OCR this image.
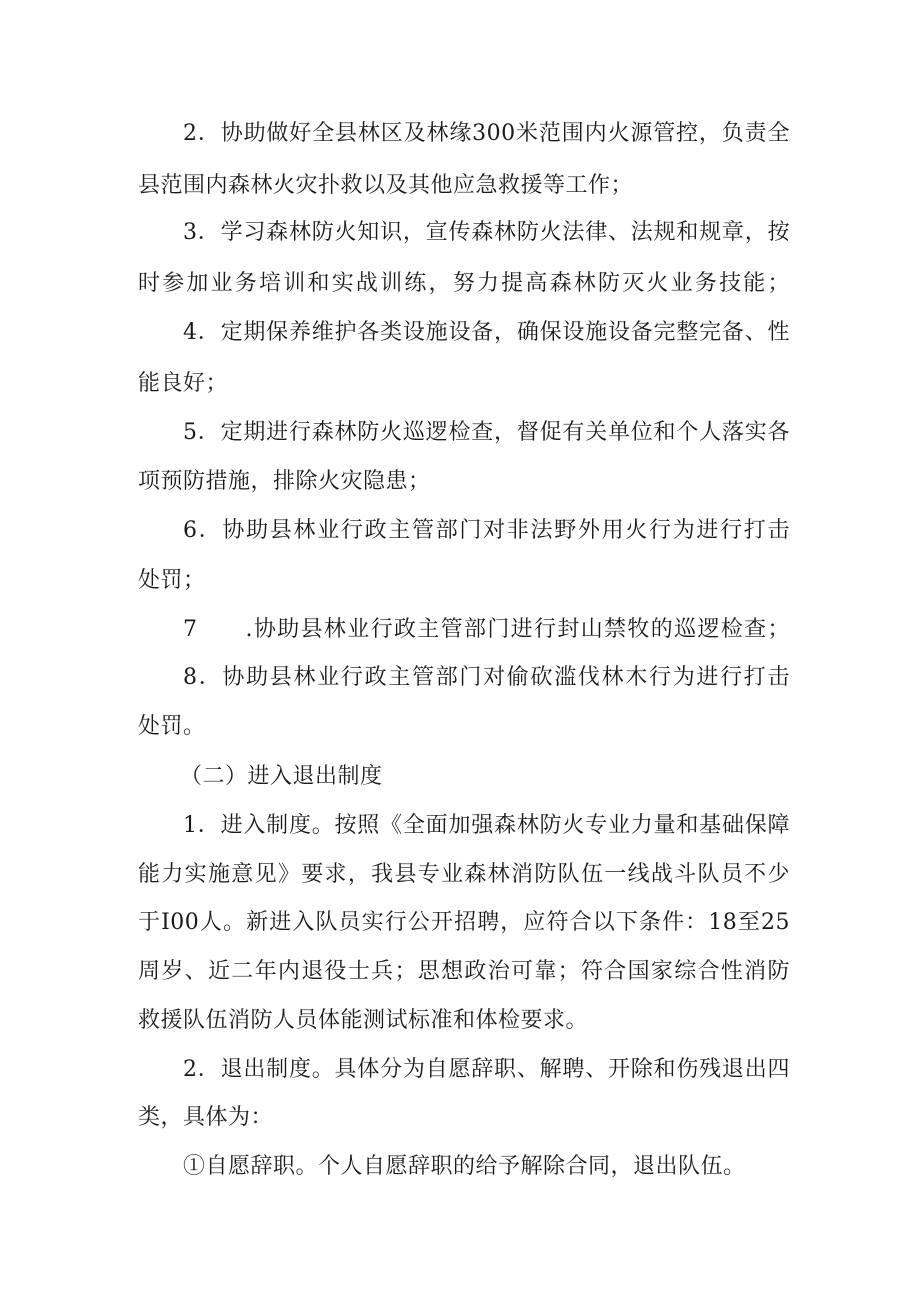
2．协助做好全县林区及林缘300米范围内火源管控，负责全
县范围内森林火灾扑救以及其他应急救援等工作；
3．学习森林防火知识，宣传森林防火法律、法规和规章，按
时参加业务培训和实战训练，努力提高森林防灭火业务技能；
4．定期保养维护各类设施设备，确保设施设备完整完备、性
能良好；
5．定期进行森林防火巡逻检查，督促有关单位和个人落实各
项预防措施，排除火灾隐患；
6．协助县林业行政主管部门对非法野外用火行为进行打击
处罚；
7 .协助县林业行政主管部门进行封山禁牧的巡逻检查；
8．协助县林业行政主管部门对偷砍滥伐林木行为进行打击
处罚。
（二）进入退出制度
1．进入制度。按照《全面加强森林防火专业力量和基础保障
能力实施意见》要求，我县专业森林消防队伍一线战斗队员不少
于I00人。新进入队员实行公开招聘，应符合以下条件：18至25
周岁、近二年内退役士兵；思想政治可靠；符合国家综合性消防
救援队伍消防人员体能测试标准和体检要求。
2．退出制度。具体分为自愿辞职、解聘、开除和伤残退出四
类，具体为：
①自愿辞职。个人自愿辞职的给予解除合同，退出队伍。
